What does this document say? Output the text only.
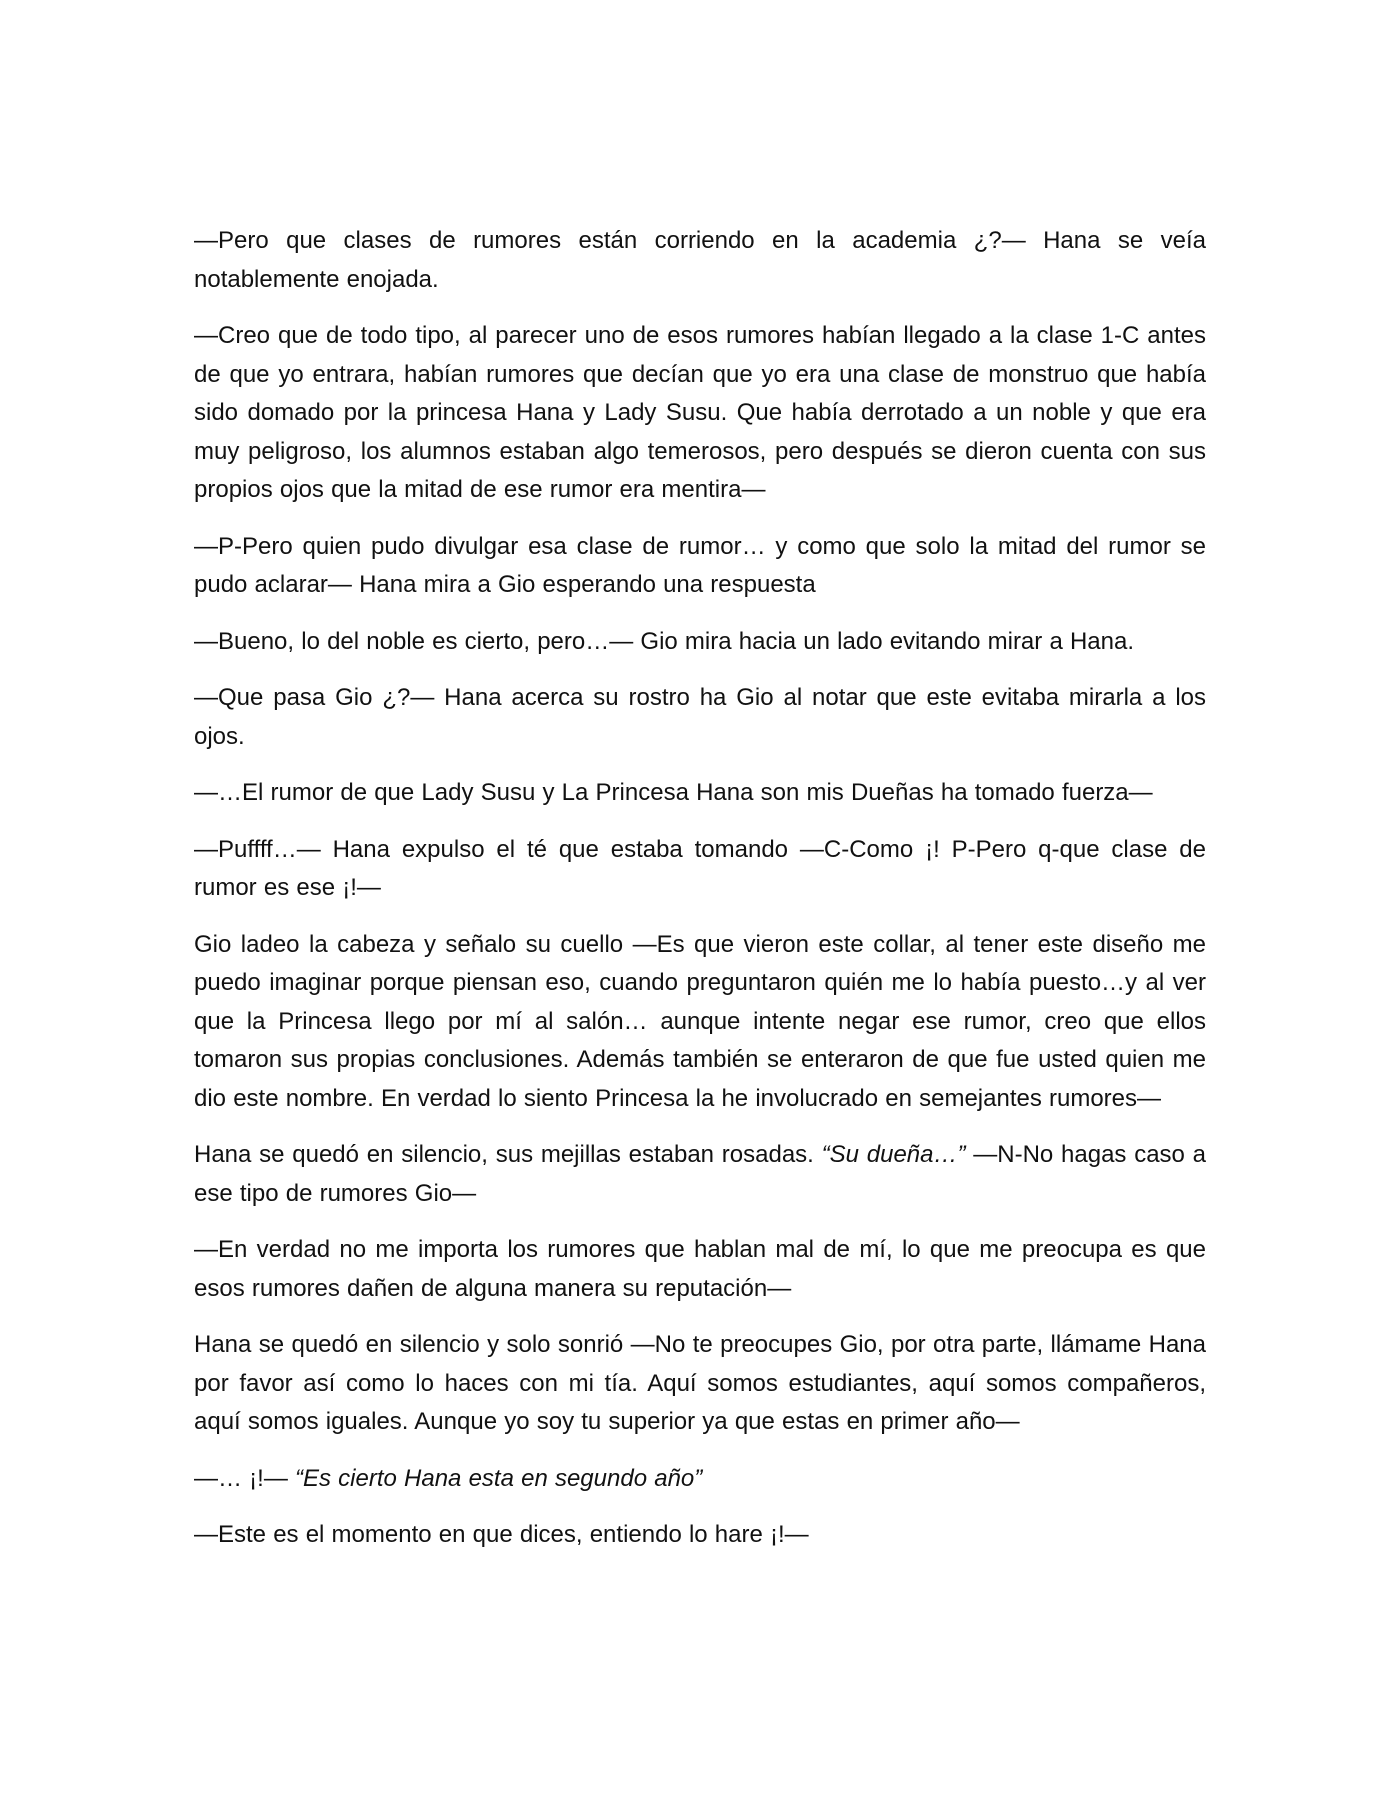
—Pero que clases de rumores están corriendo en la academia ¿?— Hana se veía notablemente enojada.

—Creo que de todo tipo, al parecer uno de esos rumores habían llegado a la clase 1-C antes de que yo entrara, habían rumores que decían que yo era una clase de monstruo que había sido domado por la princesa Hana y Lady Susu. Que había derrotado a un noble y que era muy peligroso, los alumnos estaban algo temerosos, pero después se dieron cuenta con sus propios ojos que la mitad de ese rumor era mentira—

—P-Pero quien pudo divulgar esa clase de rumor… y como que solo la mitad del rumor se pudo aclarar— Hana mira a Gio esperando una respuesta

—Bueno, lo del noble es cierto, pero…— Gio mira hacia un lado evitando mirar a Hana.

—Que pasa Gio ¿?— Hana acerca su rostro ha Gio al notar que este evitaba mirarla a los ojos.

—…El rumor de que Lady Susu y La Princesa Hana son mis Dueñas ha tomado fuerza—

—Puffff…— Hana expulso el té que estaba tomando —C-Como ¡! P-Pero q-que clase de rumor es ese ¡!—

Gio ladeo la cabeza y señalo su cuello —Es que vieron este collar, al tener este diseño me puedo imaginar porque piensan eso, cuando preguntaron quién me lo había puesto…y al ver que la Princesa llego por mí al salón… aunque intente negar ese rumor, creo que ellos tomaron sus propias conclusiones. Además también se enteraron de que fue usted quien me dio este nombre. En verdad lo siento Princesa la he involucrado en semejantes rumores—

Hana se quedó en silencio, sus mejillas estaban rosadas. “Su dueña…” —N-No hagas caso a ese tipo de rumores Gio—

—En verdad no me importa los rumores que hablan mal de mí, lo que me preocupa es que esos rumores dañen de alguna manera su reputación—

Hana se quedó en silencio y solo sonrió —No te preocupes Gio, por otra parte, llámame Hana por favor así como lo haces con mi tía. Aquí somos estudiantes, aquí somos compañeros, aquí somos iguales. Aunque yo soy tu superior ya que estas en primer año—

—… ¡!— “Es cierto Hana esta en segundo año”

—Este es el momento en que dices, entiendo lo hare ¡!—
